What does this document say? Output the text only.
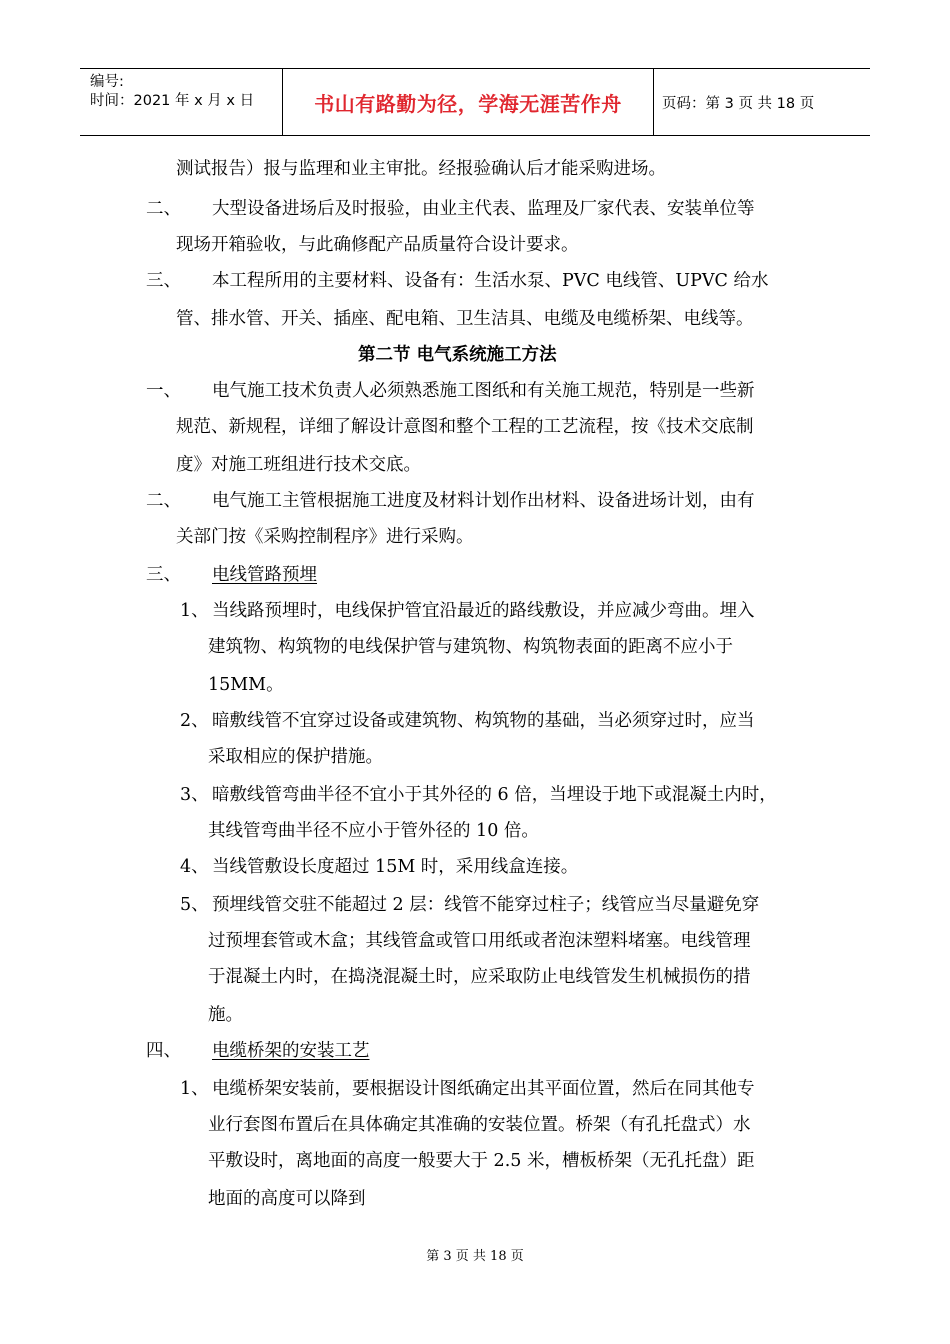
编号:
时间：2021 年 x 月 x 日	书山有路勤为径，学海无涯苦作舟	页码：第 3 页 共 18 页
测试报告）报与监理和业主审批。经报验确认后才能采购进场。
二、 大型设备进场后及时报验，由业主代表、监理及厂家代表、安装单位等
现场开箱验收，与此确修配产品质量符合设计要求。
三、 本工程所用的主要材料、设备有：生活水泵、PVC 电线管、UPVC 给水
管、排水管、开关、插座、配电箱、卫生洁具、电缆及电缆桥架、电线等。
第二节 电气系统施工方法
一、 电气施工技术负责人必须熟悉施工图纸和有关施工规范，特别是一些新
规范、新规程，详细了解设计意图和整个工程的工艺流程，按《技术交底制
度》对施工班组进行技术交底。
二、 电气施工主管根据施工进度及材料计划作出材料、设备进场计划，由有
关部门按《采购控制程序》进行采购。
三、 电线管路预埋
1、 当线路预埋时，电线保护管宜沿最近的路线敷设，并应减少弯曲。埋入
建筑物、构筑物的电线保护管与建筑物、构筑物表面的距离不应小于
15MM。
2、 暗敷线管不宜穿过设备或建筑物、构筑物的基础，当必须穿过时，应当
采取相应的保护措施。
3、 暗敷线管弯曲半径不宜小于其外径的 6 倍，当埋设于地下或混凝土内时，
其线管弯曲半径不应小于管外径的 10 倍。
4、 当线管敷设长度超过 15M 时，采用线盒连接。
5、 预埋线管交驻不能超过 2 层：线管不能穿过柱子；线管应当尽量避免穿
过预埋套管或木盒；其线管盒或管口用纸或者泡沫塑料堵塞。电线管理
于混凝土内时，在捣浇混凝土时，应采取防止电线管发生机械损伤的措
施。
四、 电缆桥架的安装工艺
1、 电缆桥架安装前，要根据设计图纸确定出其平面位置，然后在同其他专
业行套图布置后在具体确定其准确的安装位置。桥架（有孔托盘式）水
平敷设时，离地面的高度一般要大于 2.5 米，槽板桥架（无孔托盘）距
地面的高度可以降到
第 3 页 共 18 页
